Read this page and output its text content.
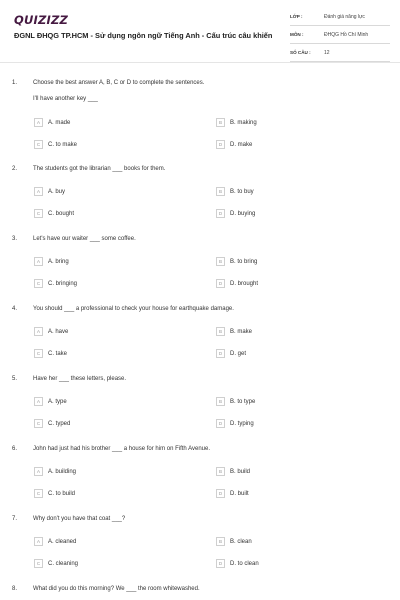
QUIZIZZ
ĐGNL ĐHQG TP.HCM - Sử dụng ngôn ngữ Tiếng Anh - Cấu trúc câu khiến
LỚP :	Đánh giá năng lực
MÔN :	ĐHQG Hồ Chí Minh
SỐ CÂU :	12
1.	Choose the best answer A, B, C or D to complete the sentences.
I'll have another key ___
A	A. made	B	B. making
C	C. to make	D	D. make
2.	The students got the librarian ___ books for them.
A	A. buy	B	B. to buy
C	C. bought	D	D. buying
3.	Let's have our waiter ___ some coffee.
A	A. bring	B	B. to bring
C	C. bringing	D	D. brought
4.	You should ___ a professional to check your house for earthquake damage.
A	A. have	B	B. make
C	C. take	D	D. get
5.	Have her ___ these letters, please.
A	A. type	B	B. to type
C	C. typed	D	D. typing
6.	John had just had his brother ___ a house for him on Fifth Avenue.
A	A. building	B	B. build
C	C. to build	D	D. built
7.	Why don't you have that coat ___?
A	A. cleaned	B	B. clean
C	C. cleaning	D	D. to clean
8.	What did you do this morning? We ___ the room whitewashed.
